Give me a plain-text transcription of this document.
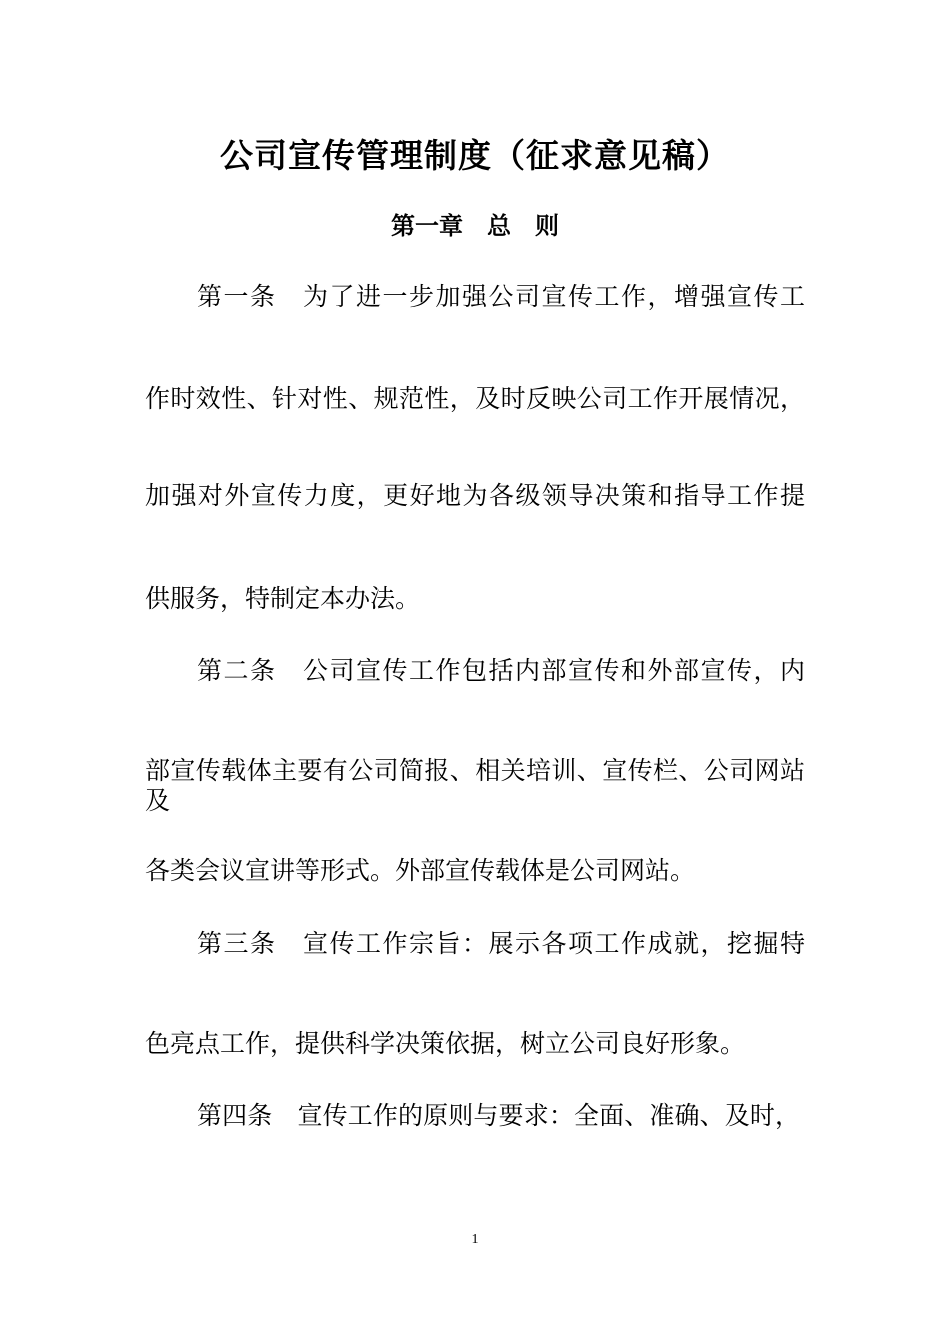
公司宣传管理制度（征求意见稿）
第一章　总　则
第一条　为了进一步加强公司宣传工作，增强宣传工
作时效性、针对性、规范性，及时反映公司工作开展情况，
加强对外宣传力度，更好地为各级领导决策和指导工作提
供服务，特制定本办法。
第二条　公司宣传工作包括内部宣传和外部宣传，内
部宣传载体主要有公司简报、相关培训、宣传栏、公司网站及
各类会议宣讲等形式。外部宣传载体是公司网站。
第三条　宣传工作宗旨：展示各项工作成就，挖掘特
色亮点工作，提供科学决策依据，树立公司良好形象。
第四条　宣传工作的原则与要求：全面、准确、及时，
1
